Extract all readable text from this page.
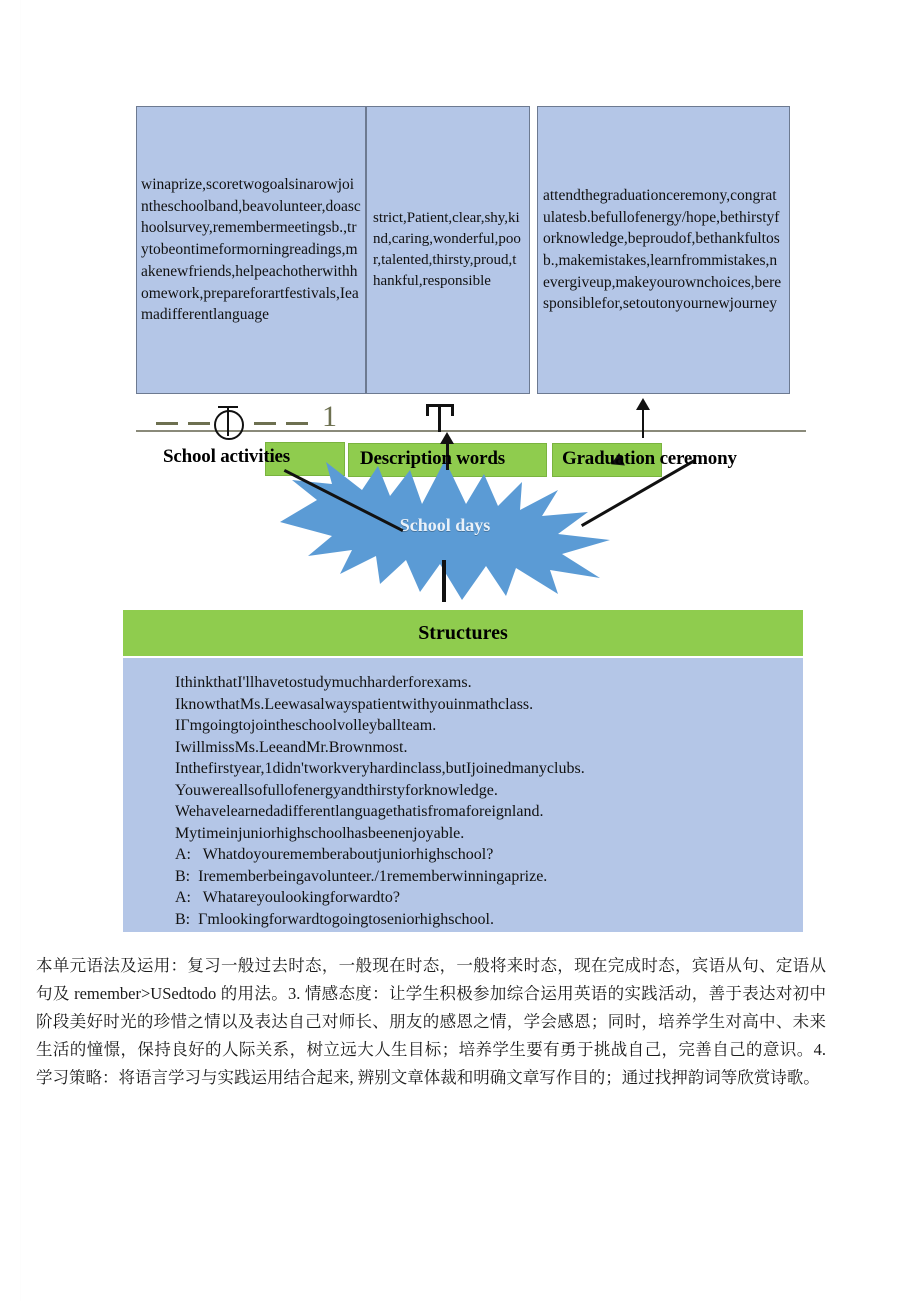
winaprize,scoretwogoalsinarowjointheschoolband,beavolunteer,doaschoolsurvey,remembermeetingsb.,trytobeontimeformorningreadings,makenewfriends,helpeachotherwithhomework,prepareforartfestivals,Ieamadifferentlanguage
strict,Patient,clear,shy,kind,caring,wonderful,poor,talented,thirsty,proud,thankful,responsible
attendthegraduationceremony,congratulatesb.befullofenergy/hope,bethirstyforknowledge,beproudof,bethankfultosb.,makemistakes,learnfrommistakes,nevergiveup,makeyourownchoices,beresponsiblefor,setoutonyournewjourney
1
School days
School activities	Description words	Graduation ceremony
Structures
IthinkthatI'llhavetostudymuchharderforexams.
IknowthatMs.Leewasalwayspatientwithyouinmathclass.
IΓmgoingtojointheschoolvolleyballteam.
IwillmissMs.LeeandMr.Brownmost.
Inthefirstyear,1didn'tworkveryhardinclass,butIjoinedmanyclubs.
Youwereallsofullofenergyandthirstyforknowledge.
Wehavelearnedadifferentlanguagethatisfromaforeignland.
Mytimeinjuniorhighschoolhasbeenenjoyable.
A:   Whatdoyourememberaboutjuniorhighschool?
B:  Irememberbeingavolunteer./1rememberwinningaprize.
A:   Whatareyoulookingforwardto?
B:  Γmlookingforwardtogoingtoseniorhighschool.
本单元语法及运用：复习一般过去时态，一般现在时态，一般将来时态，现在完成时态，宾语从句、定语从句及 remember>USedtodo 的用法。3. 情感态度：让学生积极参加综合运用英语的实践活动，善于表达对初中阶段美好时光的珍惜之情以及表达自己对师长、朋友的感恩之情，学会感恩；同时，培养学生对高中、未来生活的憧憬，保持良好的人际关系，树立远大人生目标；培养学生要有勇于挑战自己，完善自己的意识。4. 学习策略：将语言学习与实践运用结合起来, 辨别文章体裁和明确文章写作目的；通过找押韵词等欣赏诗歌。
